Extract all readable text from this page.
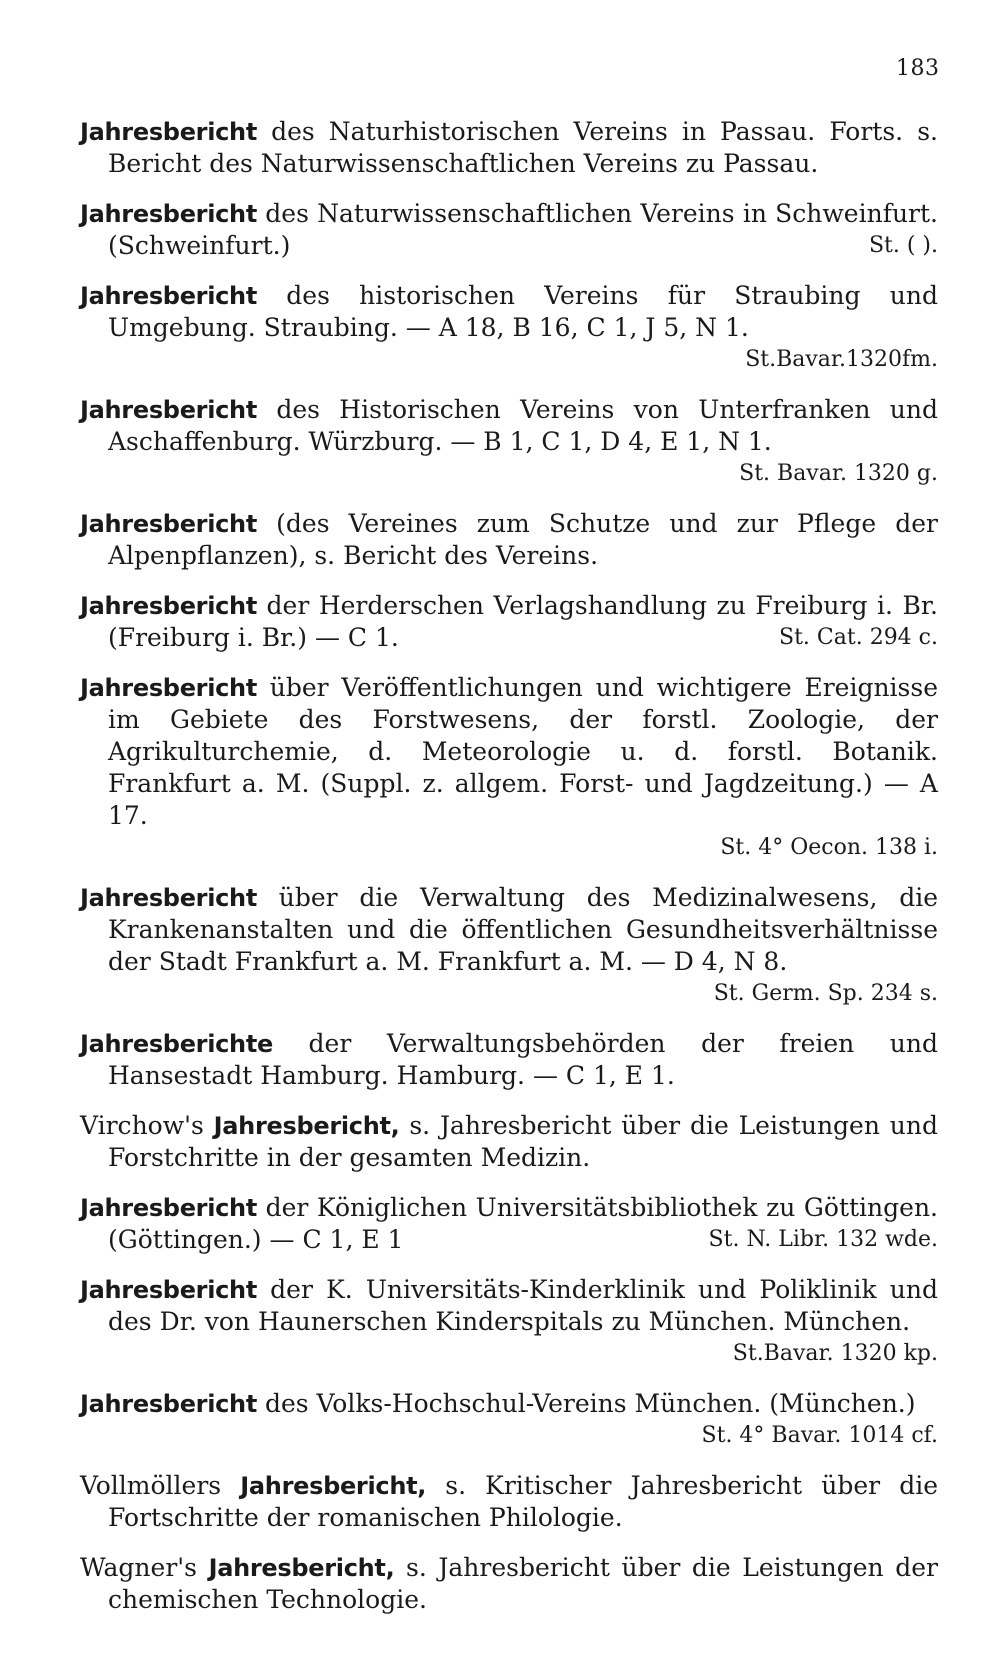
183
Jahresbericht des Naturhistorischen Vereins in Passau. Forts. s. Bericht des Naturwissenschaftlichen Vereins zu Passau.
Jahresbericht des Naturwissenschaftlichen Vereins in Schweinfurt. (Schweinfurt.)	St. ( ).
Jahresbericht des historischen Vereins für Straubing und Umgebung. Straubing. — A 18, B 16, C 1, J 5, N 1.
St.Bavar.1320fm.
Jahresbericht des Historischen Vereins von Unterfranken und Aschaffenburg. Würzburg. — B 1, C 1, D 4, E 1, N 1.
St. Bavar. 1320 g.
Jahresbericht (des Vereines zum Schutze und zur Pflege der Alpenpflanzen), s. Bericht des Vereins.
Jahresbericht der Herderschen Verlagshandlung zu Freiburg i. Br. (Freiburg i. Br.) — C 1.	St. Cat. 294 c.
Jahresbericht über Veröffentlichungen und wichtigere Ereignisse im Gebiete des Forstwesens, der forstl. Zoologie, der Agrikulturchemie, d. Meteorologie u. d. forstl. Botanik. Frankfurt a. M. (Suppl. z. allgem. Forst- und Jagdzeitung.) — A 17.
St. 4° Oecon. 138 i.
Jahresbericht über die Verwaltung des Medizinalwesens, die Krankenanstalten und die öffentlichen Gesundheitsverhältnisse der Stadt Frankfurt a. M. Frankfurt a. M. — D 4, N 8.
St. Germ. Sp. 234 s.
Jahresberichte der Verwaltungsbehörden der freien und Hansestadt Hamburg. Hamburg. — C 1, E 1.
Virchow's Jahresbericht, s. Jahresbericht über die Leistungen und Forstchritte in der gesamten Medizin.
Jahresbericht der Königlichen Universitätsbibliothek zu Göttingen. (Göttingen.) — C 1, E 1	St. N. Libr. 132 wde.
Jahresbericht der K. Universitäts-Kinderklinik und Poliklinik und des Dr. von Haunerschen Kinderspitals zu München. München.
St.Bavar. 1320 kp.
Jahresbericht des Volks-Hochschul-Vereins München. (München.)
St. 4° Bavar. 1014 cf.
Vollmöllers Jahresbericht, s. Kritischer Jahresbericht über die Fortschritte der romanischen Philologie.
Wagner's Jahresbericht, s. Jahresbericht über die Leistungen der chemischen Technologie.
